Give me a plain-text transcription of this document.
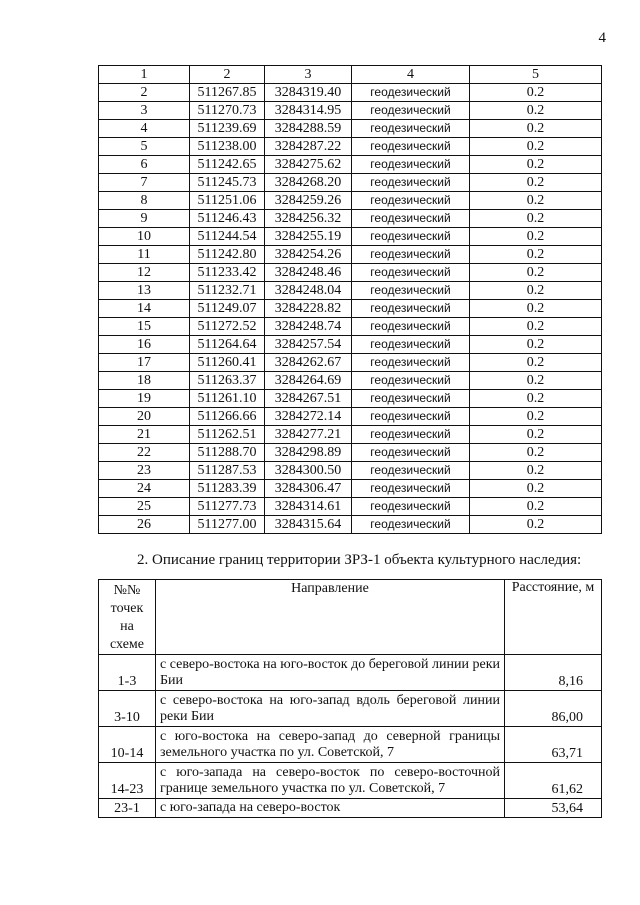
4
1	2	3	4	5
2	511267.85	3284319.40	геодезический	0.2
3	511270.73	3284314.95	геодезический	0.2
4	511239.69	3284288.59	геодезический	0.2
5	511238.00	3284287.22	геодезический	0.2
6	511242.65	3284275.62	геодезический	0.2
7	511245.73	3284268.20	геодезический	0.2
8	511251.06	3284259.26	геодезический	0.2
9	511246.43	3284256.32	геодезический	0.2
10	511244.54	3284255.19	геодезический	0.2
11	511242.80	3284254.26	геодезический	0.2
12	511233.42	3284248.46	геодезический	0.2
13	511232.71	3284248.04	геодезический	0.2
14	511249.07	3284228.82	геодезический	0.2
15	511272.52	3284248.74	геодезический	0.2
16	511264.64	3284257.54	геодезический	0.2
17	511260.41	3284262.67	геодезический	0.2
18	511263.37	3284264.69	геодезический	0.2
19	511261.10	3284267.51	геодезический	0.2
20	511266.66	3284272.14	геодезический	0.2
21	511262.51	3284277.21	геодезический	0.2
22	511288.70	3284298.89	геодезический	0.2
23	511287.53	3284300.50	геодезический	0.2
24	511283.39	3284306.47	геодезический	0.2
25	511277.73	3284314.61	геодезический	0.2
26	511277.00	3284315.64	геодезический	0.2
2. Описание границ территории ЗРЗ-1 объекта культурного наследия:
№№
точек
на
схеме	Направление	Расстояние, м
1-3	с северо-востока на юго-восток до береговой линии реки Бии	8,16
3-10	с северо-востока на юго-запад вдоль береговой линии реки Бии	86,00
10-14	с юго-востока на северо-запад до северной границы земельного участка по ул. Советской, 7	63,71
14-23	с юго-запада на северо-восток по северо-восточной границе земельного участка по ул. Советской, 7	61,62
23-1	с юго-запада на северо-восток	53,64
